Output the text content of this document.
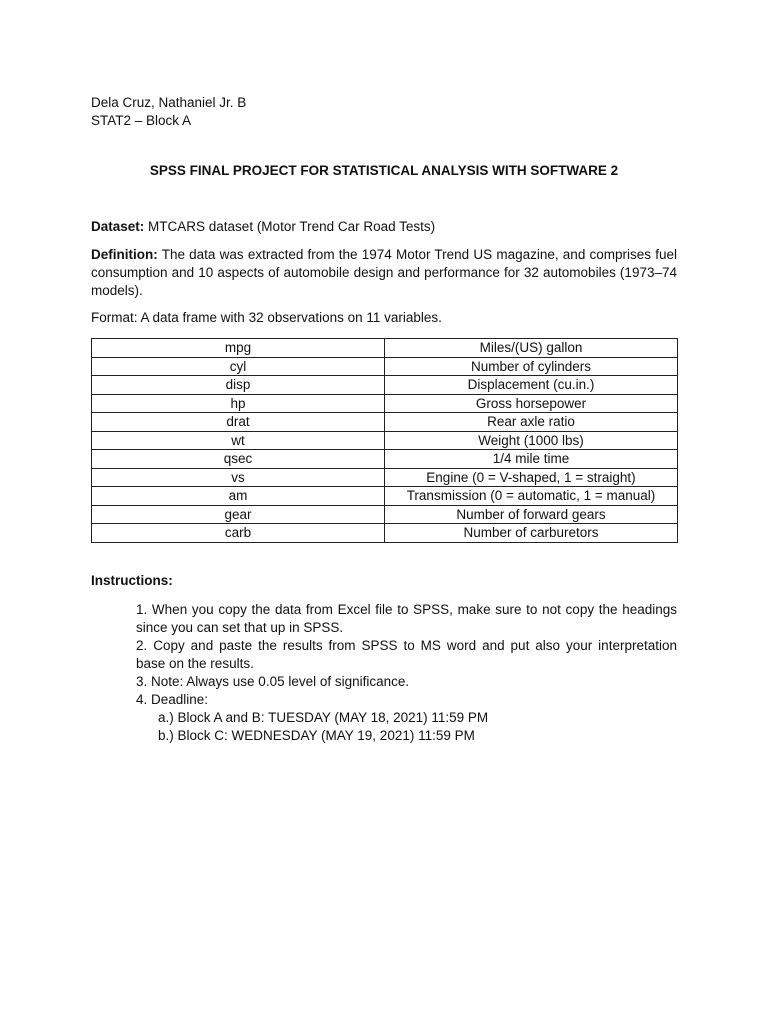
Dela Cruz, Nathaniel Jr. B
STAT2 – Block A
SPSS FINAL PROJECT FOR STATISTICAL ANALYSIS WITH SOFTWARE 2
Dataset: MTCARS dataset (Motor Trend Car Road Tests)
Definition: The data was extracted from the 1974 Motor Trend US magazine, and comprises fuel consumption and 10 aspects of automobile design and performance for 32 automobiles (1973–74 models).
Format: A data frame with 32 observations on 11 variables.
mpg	Miles/(US) gallon
cyl	Number of cylinders
disp	Displacement (cu.in.)
hp	Gross horsepower
drat	Rear axle ratio
wt	Weight (1000 lbs)
qsec	1/4 mile time
vs	Engine (0 = V-shaped, 1 = straight)
am	Transmission (0 = automatic, 1 = manual)
gear	Number of forward gears
carb	Number of carburetors
Instructions:

1. When you copy the data from Excel file to SPSS, make sure to not copy the headings since you can set that up in SPSS.

2. Copy and paste the results from SPSS to MS word and put also your interpretation base on the results.

3. Note: Always use 0.05 level of significance.

4. Deadline:

a.) Block A and B: TUESDAY (MAY 18, 2021) 11:59 PM

b.) Block C: WEDNESDAY (MAY 19, 2021) 11:59 PM
